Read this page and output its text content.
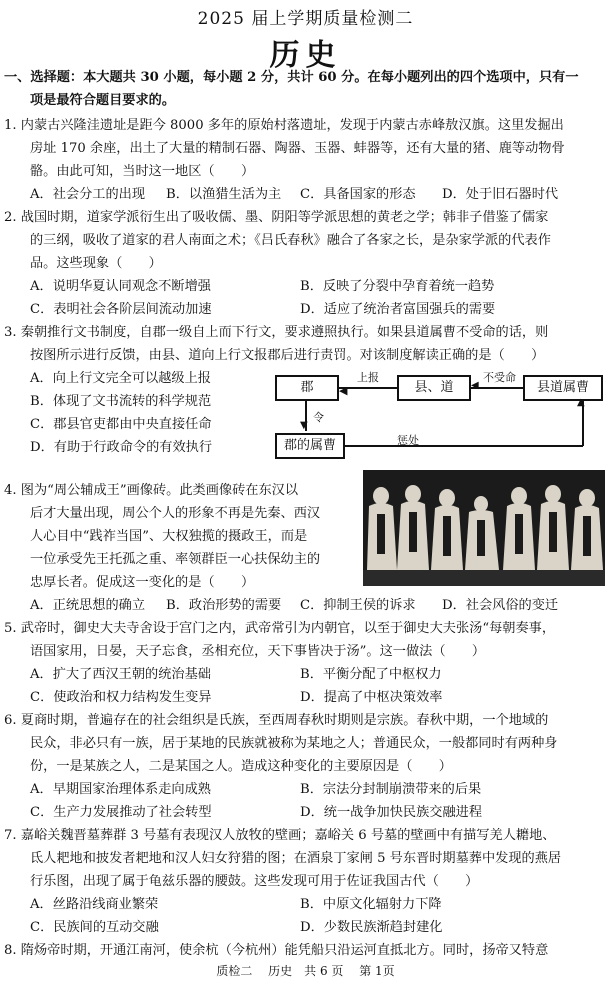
2025 届上学期质量检测二
历史
一、选择题：本大题共 30 小题，每小题 2 分，共计 60 分。在每小题列出的四个选项中，只有一
项是最符合题目要求的。
1. 内蒙古兴隆洼遗址是距今 8000 多年的原始村落遗址，发现于内蒙古赤峰敖汉旗。这里发掘出
房址 170 余座，出土了大量的精制石器、陶器、玉器、蚌器等，还有大量的猪、鹿等动物骨
骼。由此可知，当时这一地区（　　）
A．社会分工的出现 B．以渔猎生活为主 C．具备国家的形态 D．处于旧石器时代
2. 战国时期，道家学派衍生出了吸收儒、墨、阴阳等学派思想的黄老之学；韩非子借鉴了儒家
的三纲，吸收了道家的君人南面之术；《吕氏春秋》融合了各家之长，是杂家学派的代表作
品。这些现象（　　）
A．说明华夏认同观念不断增强	B．反映了分裂中孕育着统一趋势
C．表明社会各阶层间流动加速	D．适应了统治者富国强兵的需要
3. 秦朝推行文书制度，自郡一级自上而下行文，要求遵照执行。如果县道属曹不受命的话，则
按图所示进行反馈，由县、道向上行文报郡后进行责罚。对该制度解读正确的是（　　）
A．向上行文完全可以越级上报
B．体现了文书流转的科学规范
C．郡县官吏都由中央直接任命
D．有助于行政命令的有效执行
郡	县、道	县道属曹
郡的属曹
◀
上报
◀
不受命
▼
令
▲
惩处
4. 图为“周公辅成王”画像砖。此类画像砖在东汉以
后才大量出现，周公个人的形象不再是先秦、西汉
人心目中“践祚当国”、大权独揽的摄政王，而是
一位承受先王托孤之重、率领群臣一心扶保幼主的
忠厚长者。促成这一变化的是（　　）
A．正统思想的确立 B．政治形势的需要 C．抑制王侯的诉求 D．社会风俗的变迁
5. 武帝时，御史大夫寺舍设于宫门之内，武帝常引为内朝官，以至于御史大夫张汤“每朝奏事，
语国家用，日晏，天子忘食，丞相充位，天下事皆决于汤”。这一做法（　　）
A．扩大了西汉王朝的统治基础	B．平衡分配了中枢权力
C．使政治和权力结构发生变异	D．提高了中枢决策效率
6. 夏商时期，普遍存在的社会组织是氏族，至西周春秋时期则是宗族。春秋中期，一个地域的
民众，非必只有一族，居于某地的民族就被称为某地之人；普通民众，一般都同时有两种身
份，一是某族之人，二是某国之人。造成这种变化的主要原因是（　　）
A．早期国家治理体系走向成熟	B．宗法分封制崩溃带来的后果
C．生产力发展推动了社会转型	D．统一战争加快民族交融进程
7. 嘉峪关魏晋墓葬群 3 号墓有表现汉人放牧的壁画；嘉峪关 6 号墓的壁画中有描写羌人耱地、
氐人耙地和披发者耙地和汉人妇女狩猎的图；在酒泉丁家闸 5 号东晋时期墓葬中发现的燕居
行乐图，出现了属于龟兹乐器的腰鼓。这些发现可用于佐证我国古代（　　）
A．丝路沿线商业繁荣	B．中原文化辐射力下降
C．民族间的互动交融	D．少数民族渐趋封建化
8. 隋炀帝时期，开通江南河，使余杭（今杭州）能凭船只沿运河直抵北方。同时，扬帝又特意
质检二　 历史　共 6 页　 第 1页
